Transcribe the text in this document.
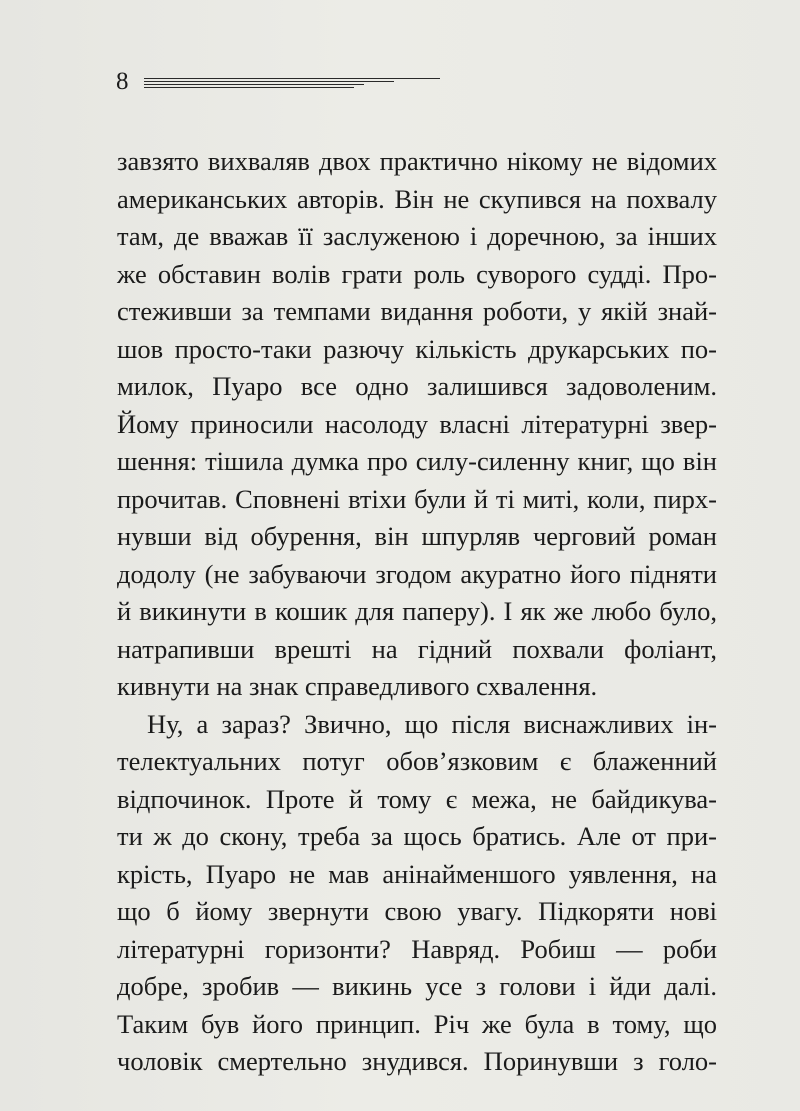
8
завзято вихваляв двох практично нікому не відомих
американських авторів. Він не скупився на похвалу
там, де вважав її заслуженою і доречною, за інших
же обставин волів грати роль суворого судді. Про-
стеживши за темпами видання роботи, у якій знай-
шов просто-таки разючу кількість друкарських по-
милок, Пуаро все одно залишився задоволеним.
Йому приносили насолоду власні літературні звер-
шення: тішила думка про силу-силенну книг, що він
прочитав. Сповнені втіхи були й ті миті, коли, пирх-
нувши від обурення, він шпурляв черговий роман
додолу (не забуваючи згодом акуратно його підняти
й викинути в кошик для паперу). І як же любо було,
натрапивши врешті на гідний похвали фоліант,
кивнути на знак справедливого схвалення.
Ну, а зараз? Звично, що після виснажливих ін-
телектуальних потуг обов’язковим є блаженний
відпочинок. Проте й тому є межа, не байдикува-
ти ж до скону, треба за щось братись. Але от при-
крість, Пуаро не мав анінайменшого уявлення, на
що б йому звернути свою увагу. Підкоряти нові
літературні горизонти? Навряд. Робиш — роби
добре, зробив — викинь усе з голови і йди далі.
Таким був його принцип. Річ же була в тому, що
чоловік смертельно знудився. Поринувши з голо-
